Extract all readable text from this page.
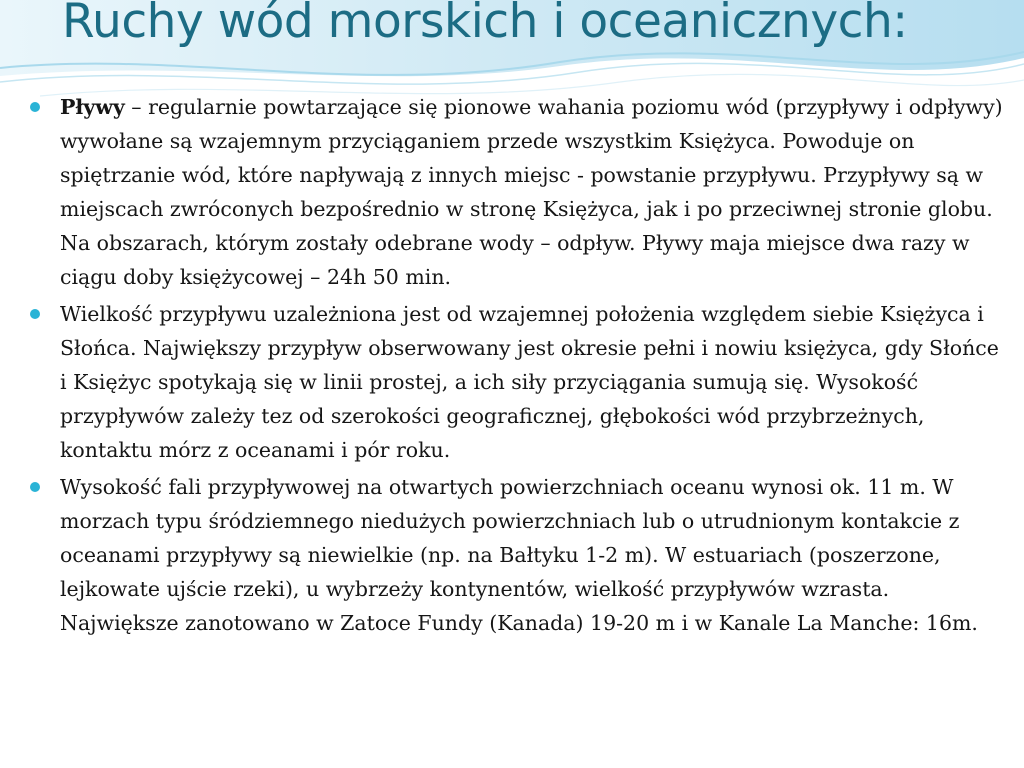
Ruchy wód morskich i oceanicznych:
Pływy – regularnie powtarzające się pionowe wahania poziomu wód (przypływy i odpływy) wywołane są wzajemnym przyciąganiem przede wszystkim Księżyca. Powoduje on spiętrzanie wód, które napływają z innych miejsc - powstanie przypływu. Przypływy są w miejscach zwróconych bezpośrednio w stronę Księżyca, jak i po przeciwnej stronie globu. Na obszarach, którym zostały odebrane wody – odpływ. Pływy maja miejsce dwa razy w ciągu doby księżycowej – 24h 50 min.
Wielkość przypływu uzależniona jest od wzajemnej położenia względem siebie Księżyca i Słońca. Największy przypływ obserwowany jest okresie pełni i nowiu księżyca, gdy Słońce i Księżyc spotykają się w linii prostej, a ich siły przyciągania sumują się. Wysokość przypływów zależy tez od szerokości geograficznej, głębokości wód przybrzeżnych, kontaktu mórz z oceanami i pór roku.
Wysokość fali przypływowej na otwartych powierzchniach oceanu wynosi ok. 11 m. W morzach typu śródziemnego niedużych powierzchniach lub o utrudnionym kontakcie z oceanami przypływy są niewielkie (np. na Bałtyku 1-2 m). W estuariach (poszerzone, lejkowate ujście rzeki), u wybrzeży kontynentów, wielkość przypływów wzrasta. Największe zanotowano w Zatoce Fundy (Kanada) 19-20 m i w Kanale La Manche: 16m.
